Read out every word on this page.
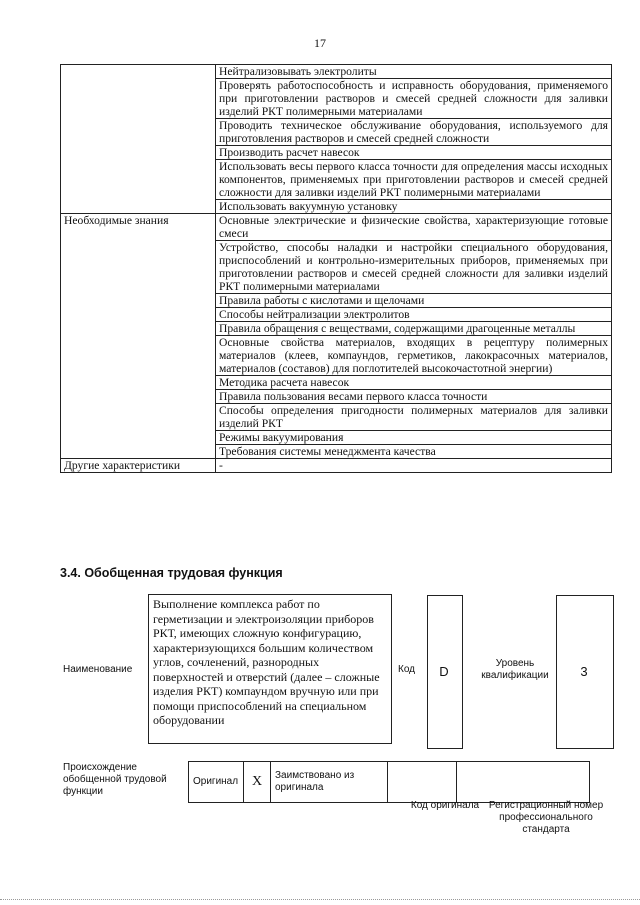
17
	Нейтрализовывать электролиты
	Проверять работоспособность и исправность оборудования, применяемого при приготовлении растворов и смесей средней сложности для заливки изделий РКТ полимерными материалами
	Проводить техническое обслуживание оборудования, используемого для приготовления растворов и смесей средней сложности
	Производить расчет навесок
	Использовать весы первого класса точности для определения массы исходных компонентов, применяемых при приготовлении растворов и смесей средней сложности для заливки изделий РКТ полимерными материалами
	Использовать вакуумную установку
Необходимые знания	Основные электрические и физические свойства, характеризующие готовые смеси
	Устройство, способы наладки и настройки специального оборудования, приспособлений и контрольно-измерительных приборов, применяемых при приготовлении растворов и смесей средней сложности для заливки изделий РКТ полимерными материалами
	Правила работы с кислотами и щелочами
	Способы нейтрализации электролитов
	Правила обращения с веществами, содержащими драгоценные металлы
	Основные свойства материалов, входящих в рецептуру полимерных материалов (клеев, компаундов, герметиков, лакокрасочных материалов, материалов (составов) для поглотителей высокочастотной энергии)
	Методика расчета навесок
	Правила пользования весами первого класса точности
	Способы определения пригодности полимерных материалов для заливки изделий РКТ
	Режимы вакуумирования
	Требования системы менеджмента качества
Другие характеристики	-
3.4. Обобщенная трудовая функция
Наименование
Выполнение комплекса работ по герметизации и электроизоляции приборов РКТ, имеющих сложную конфигурацию, характеризующихся большим количеством углов, сочленений, разнородных поверхностей и отверстий (далее – сложные изделия РКТ) компаундом вручную или при помощи приспособлений на специальном оборудовании
Код	D
Уровень квалификации	3
Происхождение обобщенной трудовой функции
Оригинал	X	Заимствовано из оригинала		
Код оригинала Регистрационный номер профессионального стандарта
